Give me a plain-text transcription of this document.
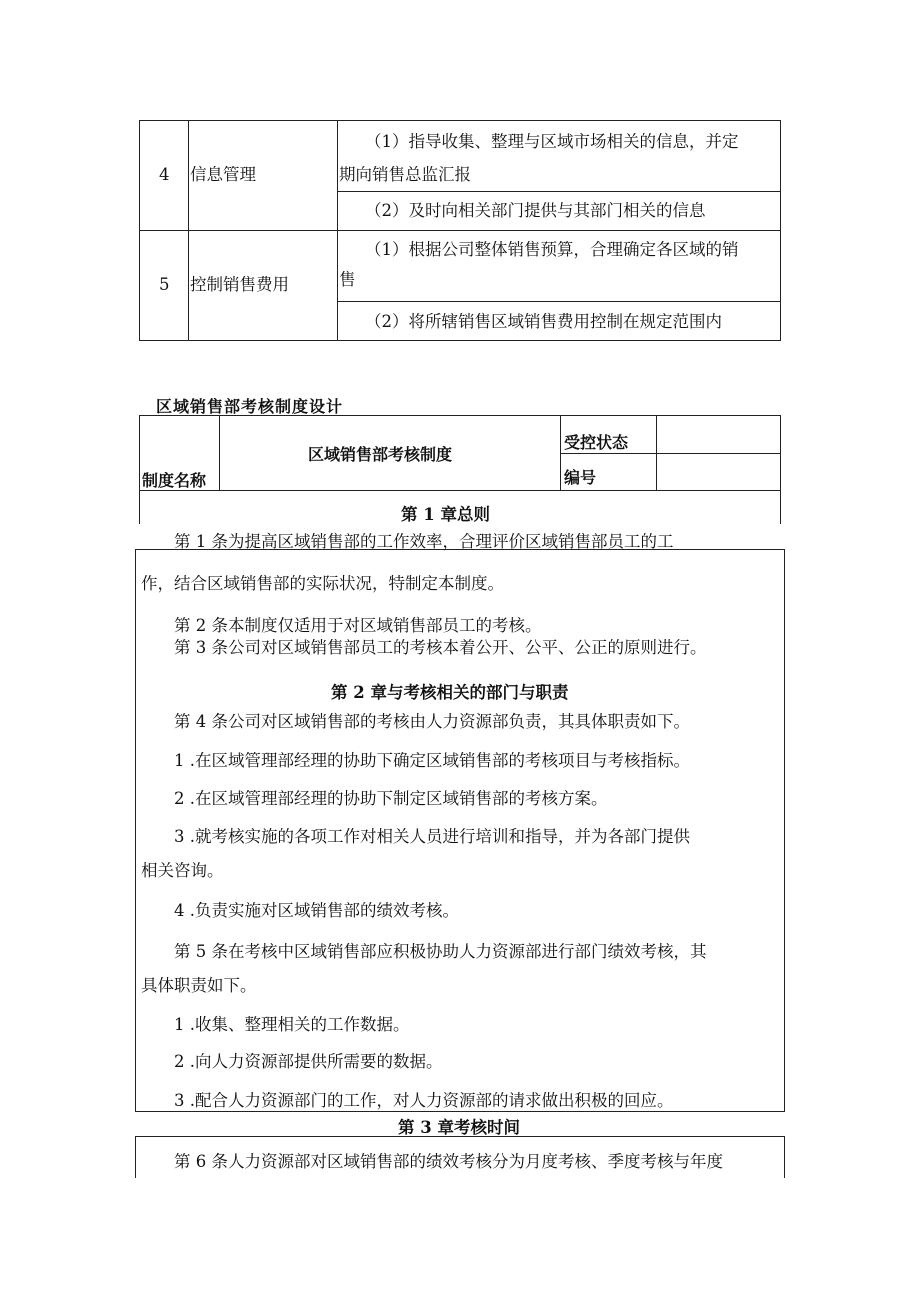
4 信息管理
（1）指导收集、整理与区域市场相关的信息，并定
期向销售总监汇报
（2）及时向相关部门提供与其部门相关的信息
5 控制销售费用
（1）根据公司整体销售预算，合理确定各区域的销
售
（2）将所辖销售区域销售费用控制在规定范围内
区域销售部考核制度设计
制度名称
区域销售部考核制度
受控状态
编号
第 1 章总则
第 1 条为提高区域销售部的工作效率，合理评价区域销售部员工的工
作，结合区域销售部的实际状况，特制定本制度。
第 2 条本制度仅适用于对区域销售部员工的考核。
第 3 条公司对区域销售部员工的考核本着公开、公平、公正的原则进行。
第 2 章与考核相关的部门与职责
第 4 条公司对区域销售部的考核由人力资源部负责，其具体职责如下。
1 .在区域管理部经理的协助下确定区域销售部的考核项目与考核指标。
2 .在区域管理部经理的协助下制定区域销售部的考核方案。
3 .就考核实施的各项工作对相关人员进行培训和指导，并为各部门提供
相关咨询。
4 .负责实施对区域销售部的绩效考核。
第 5 条在考核中区域销售部应积极协助人力资源部进行部门绩效考核，其
具体职责如下。
1 .收集、整理相关的工作数据。
2 .向人力资源部提供所需要的数据。
3 .配合人力资源部门的工作，对人力资源部的请求做出积极的回应。
第 3 章考核时间
第 6 条人力资源部对区域销售部的绩效考核分为月度考核、季度考核与年度
